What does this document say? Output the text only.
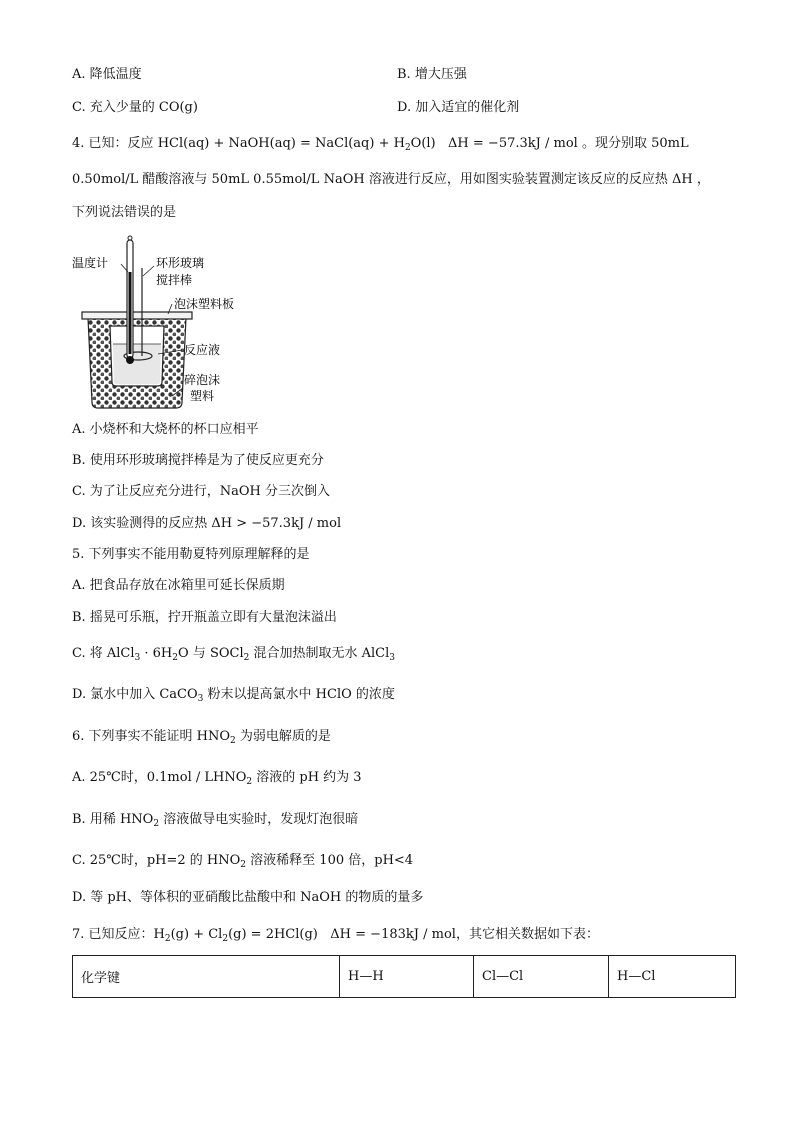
A. 降低温度	B. 增大压强
C. 充入少量的 CO(g)	D. 加入适宜的催化剂
4. 已知：反应 HCl(aq) + NaOH(aq) = NaCl(aq) + $H_2O(l) \Delta H = -57.3kJ$ / mol 。现分别取 50mL
0.50mol/L 醋酸溶液与 50mL 0.55mol/L NaOH 溶液进行反应，用如图实验装置测定该反应的反应热 ΔH ，
下列说法错误的是
温度计	环形玻璃
搅拌棒
泡沫塑料板
反应液
碎泡沫
塑料
A. 小烧杯和大烧杯的杯口应相平
B. 使用环形玻璃搅拌棒是为了使反应更充分
C. 为了让反应充分进行，NaOH 分三次倒入
D. 该实验测得的反应热 ΔH > −57.3kJ / mol
5. 下列事实不能用勒夏特列原理解释的是
A. 把食品存放在冰箱里可延长保质期
B. 摇晃可乐瓶，拧开瓶盖立即有大量泡沫溢出
C. 将 AlCl$_3$ · $6H_2O$ 与 SOCl$_2$ 混合加热制取无水 AlCl$_3$
D. 氯水中加入 CaCO$_3$ 粉末以提高氯水中 HClO 的浓度
6. 下列事实不能证明 $HNO_2$ 为弱电解质的是
A. 25℃时，$0.1mol / LHNO_2$ 溶液的 pH 约为 3
B. 用稀 $HNO_2$ 溶液做导电实验时，发现灯泡很暗
C. 25℃时，pH=2 的 $HNO_2$ 溶液稀释至 100 倍，pH<4
D. 等 pH、等体积的亚硝酸比盐酸中和 NaOH 的物质的量多
7. 已知反应：$H_2(g) + Cl_2(g) = 2HCl(g) \Delta H = -183kJ$ / mol，其它相关数据如下表：
化学键	H—H	Cl—Cl	H—Cl
